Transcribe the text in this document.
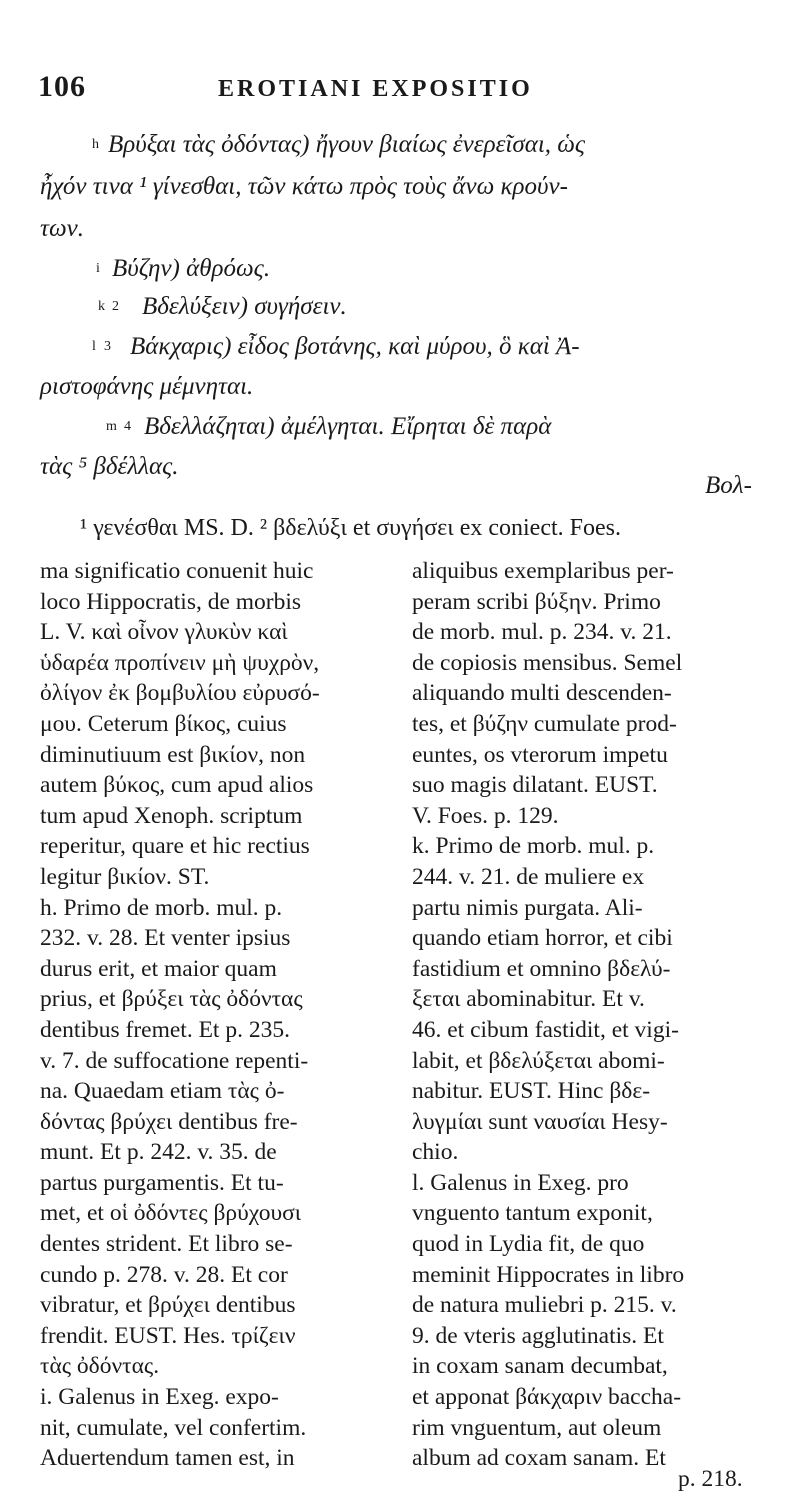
106	EROTIANI EXPOSITIO
Βρύξαι τὰς ὀδόντας) ἤγουν βιαίως ἐνερεῖσαι, ὡς
ἦχόν τινα ¹ γίνεσθαι, τῶν κάτω πρὸς τοὺς ἄνω κρούν-
των.
Βύζην) ἀθρόως.
Βδελύξειν) συγήσειν.
Βάκχαρις) εἶδος βοτάνης, καὶ μύρου, ὃ καὶ Ἀ-
ριστοφάνης μέμνηται.
Βδελλάζηται) ἀμέλγηται. Εἴρηται δὲ παρὰ
τὰς ⁵ βδέλλας.
h
i
k 2
l 3
m 4
Βολ-
¹ γενέσθαι MS. D. ² βδελύξι et συγήσει ex coniect. Foes.
ma significatio conuenit huic
loco Hippocratis, de morbis
L. V. καὶ οἶνον γλυκὺν καὶ
ὑδαρέα προπίνειν μὴ ψυχρὸν,
ὀλίγον ἐκ βομβυλίου εὐρυσό-
μου. Ceterum βίκος, cuius
diminutiuum est βικίον, non
autem βύκος, cum apud alios
tum apud Xenoph. scriptum
reperitur, quare et hic rectius
legitur βικίον. ST.
h. Primo de morb. mul. p.
232. v. 28. Et venter ipsius
durus erit, et maior quam
prius, et βρύξει τὰς ὀδόντας
dentibus fremet. Et p. 235.
v. 7. de suffocatione repenti-
na. Quaedam etiam τὰς ὀ-
δόντας βρύχει dentibus fre-
munt. Et p. 242. v. 35. de
partus purgamentis. Et tu-
met, et οἱ ὀδόντες βρύχουσι
dentes strident. Et libro se-
cundo p. 278. v. 28. Et cor
vibratur, et βρύχει dentibus
frendit. EUST. Hes. τρίζειν
τὰς ὀδόντας.
i. Galenus in Exeg. expo-
nit, cumulate, vel confertim.
Aduertendum tamen est, in
aliquibus exemplaribus per-
peram scribi βύξην. Primo
de morb. mul. p. 234. v. 21.
de copiosis mensibus. Semel
aliquando multi descenden-
tes, et βύζην cumulate prod-
euntes, os vterorum impetu
suo magis dilatant. EUST.
V. Foes. p. 129.
k. Primo de morb. mul. p.
244. v. 21. de muliere ex
partu nimis purgata. Ali-
quando etiam horror, et cibi
fastidium et omnino βδελύ-
ξεται abominabitur. Et v.
46. et cibum fastidit, et vigi-
labit, et βδελύξεται abomi-
nabitur. EUST. Hinc βδε-
λυγμίαι sunt ναυσίαι Hesy-
chio.
l. Galenus in Exeg. pro
vnguento tantum exponit,
quod in Lydia fit, de quo
meminit Hippocrates in libro
de natura muliebri p. 215. v.
9. de vteris agglutinatis. Et
in coxam sanam decumbat,
et apponat βάκχαριν baccha-
rim vnguentum, aut oleum
album ad coxam sanam. Et
p. 218.
